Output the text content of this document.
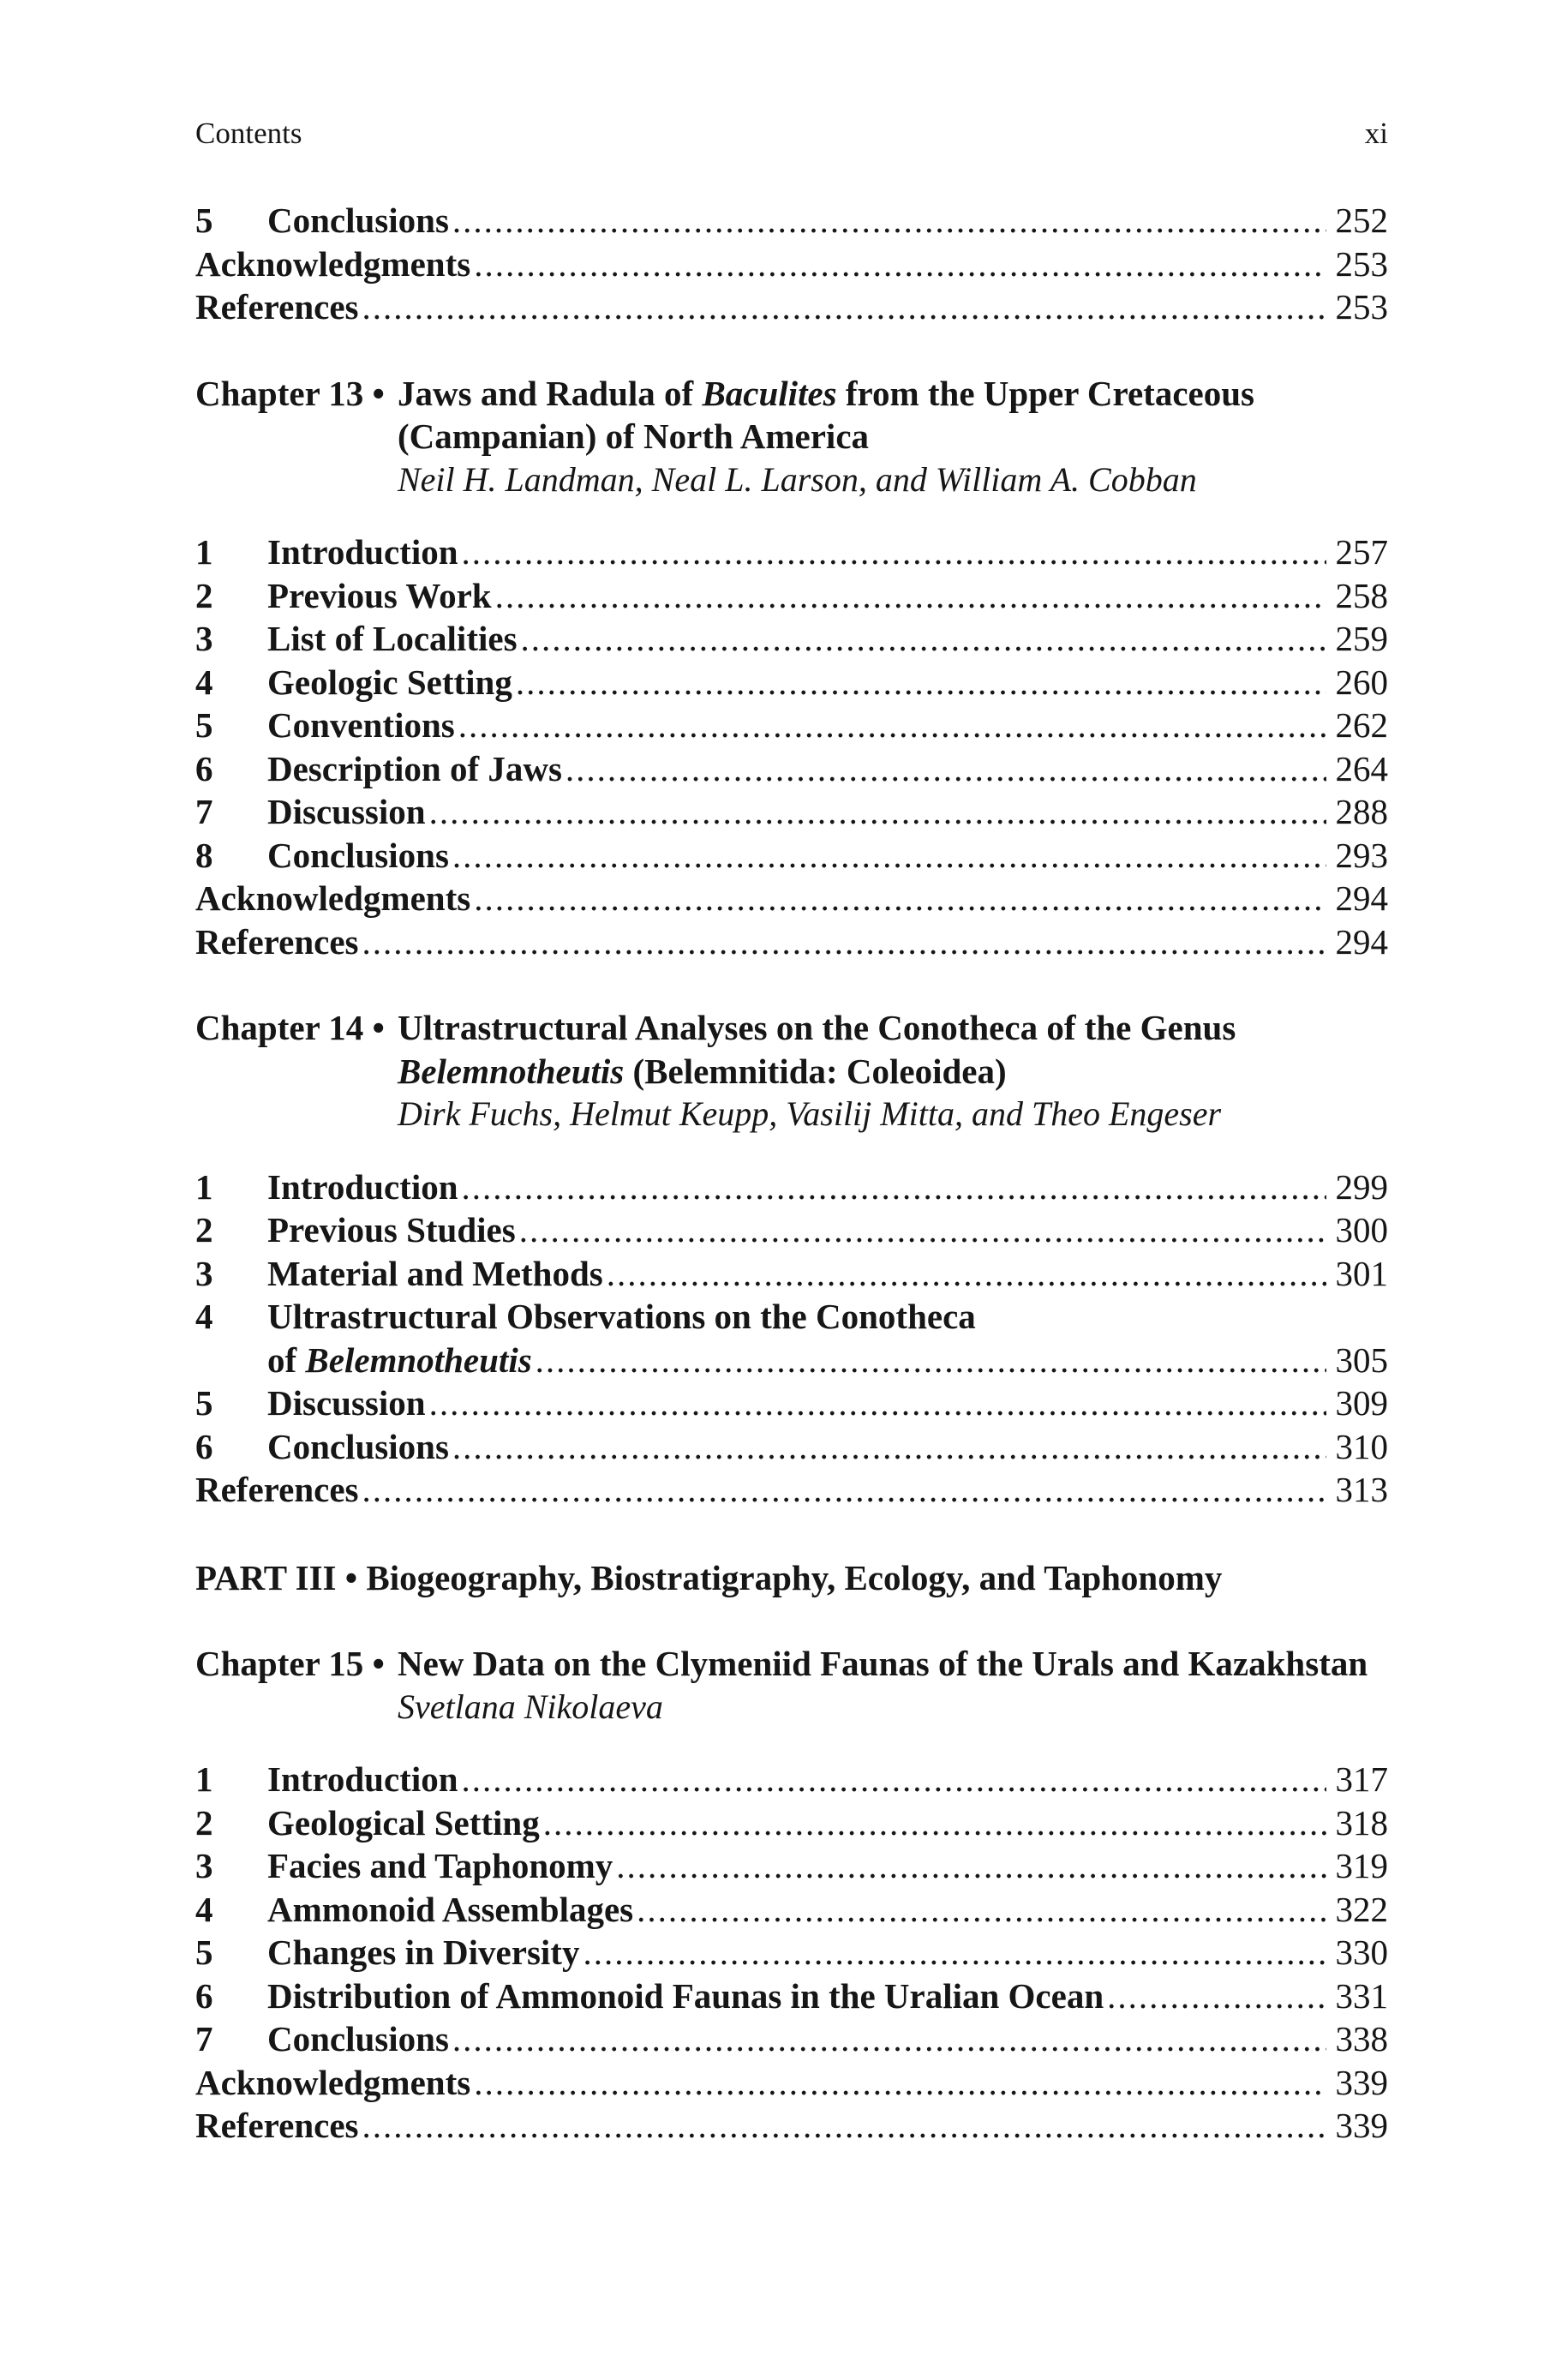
Contents	xi
5	Conclusions .....	252
Acknowledgments .....	253
References .....	253
Chapter 13 • Jaws and Radula of Baculites from the Upper Cretaceous (Campanian) of North America
Neil H. Landman, Neal L. Larson, and William A. Cobban
1	Introduction .....	257
2	Previous Work .....	258
3	List of Localities .....	259
4	Geologic Setting .....	260
5	Conventions .....	262
6	Description of Jaws .....	264
7	Discussion .....	288
8	Conclusions .....	293
Acknowledgments .....	294
References .....	294
Chapter 14 • Ultrastructural Analyses on the Conotheca of the Genus Belemnotheutis (Belemnitida: Coleoidea)
Dirk Fuchs, Helmut Keupp, Vasilij Mitta, and Theo Engeser
1	Introduction .....	299
2	Previous Studies .....	300
3	Material and Methods .....	301
4	Ultrastructural Observations on the Conotheca
of Belemnotheutis .....	305
5	Discussion .....	309
6	Conclusions .....	310
References .....	313
PART III • Biogeography, Biostratigraphy, Ecology, and Taphonomy
Chapter 15 • New Data on the Clymeniid Faunas of the Urals and Kazakhstan
Svetlana Nikolaeva
1	Introduction .....	317
2	Geological Setting .....	318
3	Facies and Taphonomy .....	319
4	Ammonoid Assemblages .....	322
5	Changes in Diversity .....	330
6	Distribution of Ammonoid Faunas in the Uralian Ocean .....	331
7	Conclusions .....	338
Acknowledgments .....	339
References .....	339
